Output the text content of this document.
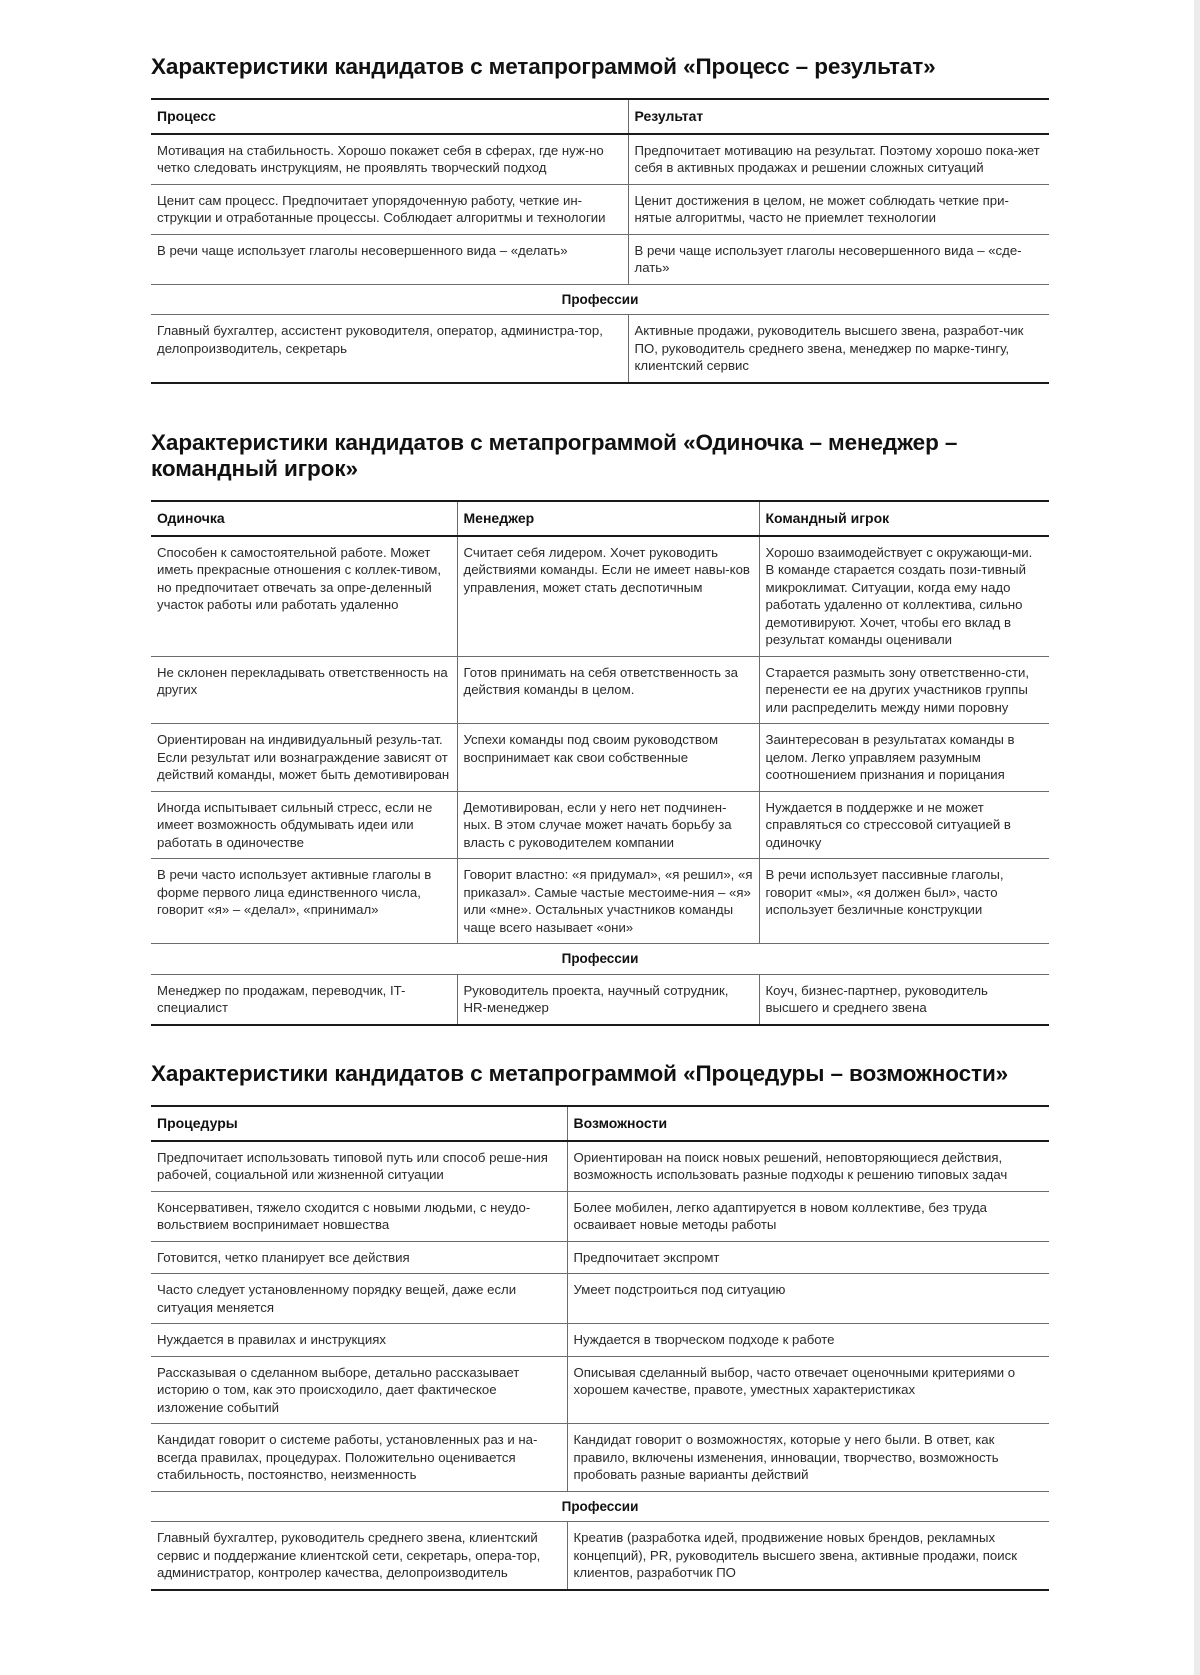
Характеристики кандидатов с метапрограммой «Процесс – результат»
Процесс	Результат
Мотивация на стабильность. Хорошо покажет себя в сферах, где нуж-но четко следовать инструкциям, не проявлять творческий подход	Предпочитает мотивацию на результат. Поэтому хорошо пока-жет себя в активных продажах и решении сложных ситуаций
Ценит сам процесс. Предпочитает упорядоченную работу, четкие ин-струкции и отработанные процессы. Соблюдает алгоритмы и технологии	Ценит достижения в целом, не может соблюдать четкие при-нятые алгоритмы, часто не приемлет технологии
В речи чаще использует глаголы несовершенного вида – «делать»	В речи чаще использует глаголы несовершенного вида – «сде-лать»
Профессии	
Главный бухгалтер, ассистент руководителя, оператор, администра-тор, делопроизводитель, секретарь	Активные продажи, руководитель высшего звена, разработ-чик ПО, руководитель среднего звена, менеджер по марке-тингу, клиентский сервис
Характеристики кандидатов с метапрограммой «Одиночка – менеджер – командный игрок»
Одиночка	Менеджер	Командный игрок
Способен к самостоятельной работе. Может иметь прекрасные отношения с коллек-тивом, но предпочитает отвечать за опре-деленный участок работы или работать удаленно	Считает себя лидером. Хочет руководить действиями команды. Если не имеет навы-ков управления, может стать деспотичным	Хорошо взаимодействует с окружающи-ми. В команде старается создать пози-тивный микроклимат. Ситуации, когда ему надо работать удаленно от коллектива, сильно демотивируют. Хочет, чтобы его вклад в результат команды оценивали
Не склонен перекладывать ответственность на других	Готов принимать на себя ответственность за действия команды в целом.	Старается размыть зону ответственно-сти, перенести ее на других участников группы или распределить между ними поровну
Ориентирован на индивидуальный резуль-тат. Если результат или вознаграждение зависят от действий команды, может быть демотивирован	Успехи команды под своим руководством воспринимает как свои собственные	Заинтересован в результатах команды в целом. Легко управляем разумным соотношением признания и порицания
Иногда испытывает сильный стресс, если не имеет возможность обдумывать идеи или работать в одиночестве	Демотивирован, если у него нет подчинен-ных. В этом случае может начать борьбу за власть с руководителем компании	Нуждается в поддержке и не может справляться со стрессовой ситуацией в одиночку
В речи часто использует активные глаголы в форме первого лица единственного числа, говорит «я» – «делал», «принимал»	Говорит властно: «я придумал», «я решил», «я приказал». Самые частые местоиме-ния – «я» или «мне». Остальных участников команды чаще всего называет «они»	В речи использует пассивные глаголы, говорит «мы», «я должен был», часто использует безличные конструкции
Профессии		
Менеджер по продажам, переводчик, IT-специалист	Руководитель проекта, научный сотрудник, HR-менеджер	Коуч, бизнес-партнер, руководитель высшего и среднего звена
Характеристики кандидатов с метапрограммой «Процедуры – возможности»
Процедуры	Возможности
Предпочитает использовать типовой путь или способ реше-ния рабочей, социальной или жизненной ситуации	Ориентирован на поиск новых решений, неповторяющиеся действия, возможность использовать разные подходы к решению типовых задач
Консервативен, тяжело сходится с новыми людьми, с неудо-вольствием воспринимает новшества	Более мобилен, легко адаптируется в новом коллективе, без труда осваивает новые методы работы
Готовится, четко планирует все действия	Предпочитает экспромт
Часто следует установленному порядку вещей, даже если ситуация меняется	Умеет подстроиться под ситуацию
Нуждается в правилах и инструкциях	Нуждается в творческом подходе к работе
Рассказывая о сделанном выборе, детально рассказывает историю о том, как это происходило, дает фактическое изложение событий	Описывая сделанный выбор, часто отвечает оценочными критериями о хорошем качестве, правоте, уместных характеристиках
Кандидат говорит о системе работы, установленных раз и на-всегда правилах, процедурах. Положительно оценивается стабильность, постоянство, неизменность	Кандидат говорит о возможностях, которые у него были. В ответ, как правило, включены изменения, инновации, творчество, возможность пробовать разные варианты действий
Профессии	
Главный бухгалтер, руководитель среднего звена, клиентский сервис и поддержание клиентской сети, секретарь, опера-тор, администратор, контролер качества, делопроизводитель	Креатив (разработка идей, продвижение новых брендов, рекламных концепций), PR, руководитель высшего звена, активные продажи, поиск клиентов, разработчик ПО
